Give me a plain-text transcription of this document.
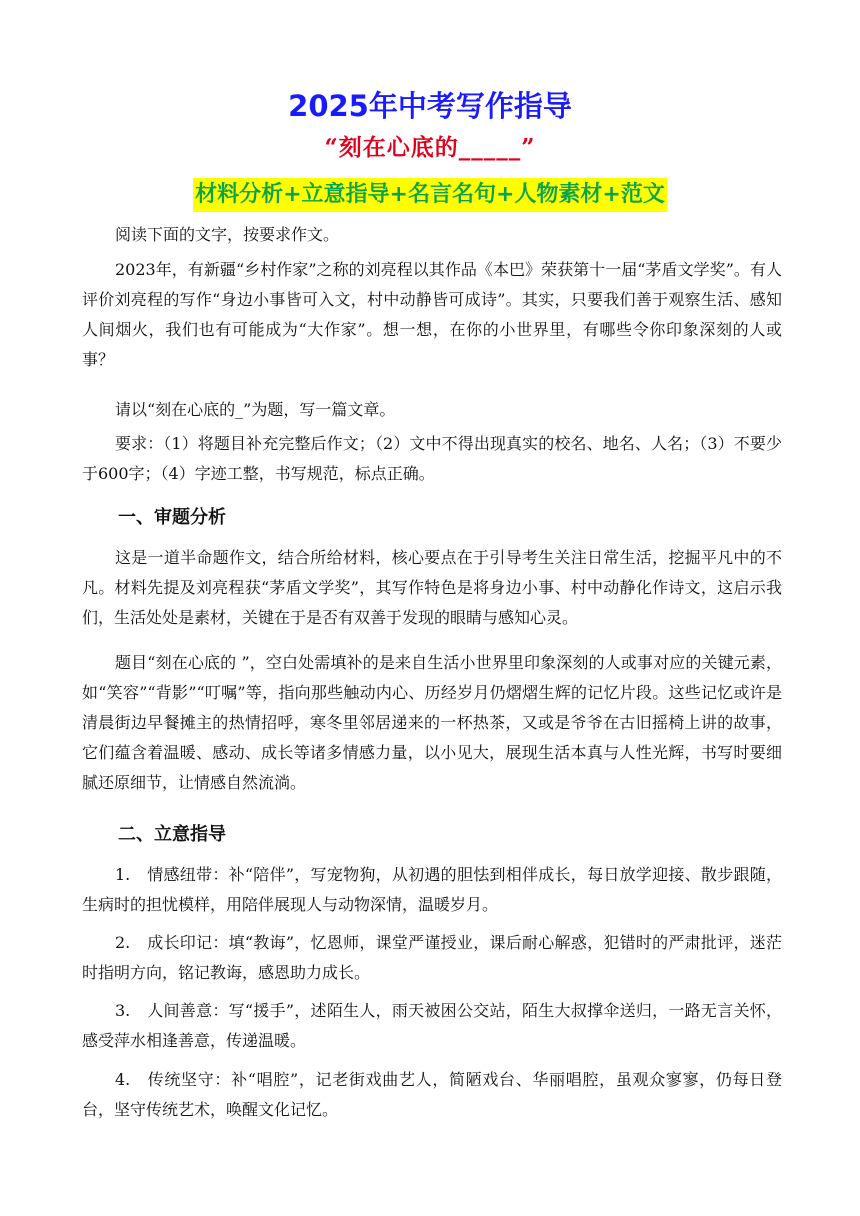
2025年中考写作指导
“刻在心底的_____”
材料分析+立意指导+名言名句+人物素材+范文

阅读下面的文字，按要求作文。

2023年，有新疆“乡村作家”之称的刘亮程以其作品《本巴》荣获第十一届“茅盾文学奖”。有人评价刘亮程的写作“身边小事皆可入文，村中动静皆可成诗”。其实，只要我们善于观察生活、感知人间烟火，我们也有可能成为“大作家”。想一想，在你的小世界里，有哪些令你印象深刻的人或事？

请以“刻在心底的_”为题，写一篇文章。

要求：（1）将题目补充完整后作文；（2）文中不得出现真实的校名、地名、人名；（3）不要少于600字；（4）字迹工整，书写规范，标点正确。

一、审题分析

这是一道半命题作文，结合所给材料，核心要点在于引导考生关注日常生活，挖掘平凡中的不凡。材料先提及刘亮程获“茅盾文学奖”，其写作特色是将身边小事、村中动静化作诗文，这启示我们，生活处处是素材，关键在于是否有双善于发现的眼睛与感知心灵。

题目“刻在心底的 ”，空白处需填补的是来自生活小世界里印象深刻的人或事对应的关键元素，如“笑容”“背影”“叮嘱”等，指向那些触动内心、历经岁月仍熠熠生辉的记忆片段。这些记忆或许是清晨街边早餐摊主的热情招呼，寒冬里邻居递来的一杯热茶，又或是爷爷在古旧摇椅上讲的故事，它们蕴含着温暖、感动、成长等诸多情感力量，以小见大，展现生活本真与人性光辉，书写时要细腻还原细节，让情感自然流淌。

二、立意指导

1. 情感纽带：补“陪伴”，写宠物狗，从初遇的胆怯到相伴成长，每日放学迎接、散步跟随，生病时的担忧模样，用陪伴展现人与动物深情，温暖岁月。

2. 成长印记：填“教诲”，忆恩师，课堂严谨授业，课后耐心解惑，犯错时的严肃批评，迷茫时指明方向，铭记教诲，感恩助力成长。

3. 人间善意：写“援手”，述陌生人，雨天被困公交站，陌生大叔撑伞送归，一路无言关怀，感受萍水相逢善意，传递温暖。

4. 传统坚守：补“唱腔”，记老街戏曲艺人，简陋戏台、华丽唱腔，虽观众寥寥，仍每日登台，坚守传统艺术，唤醒文化记忆。
